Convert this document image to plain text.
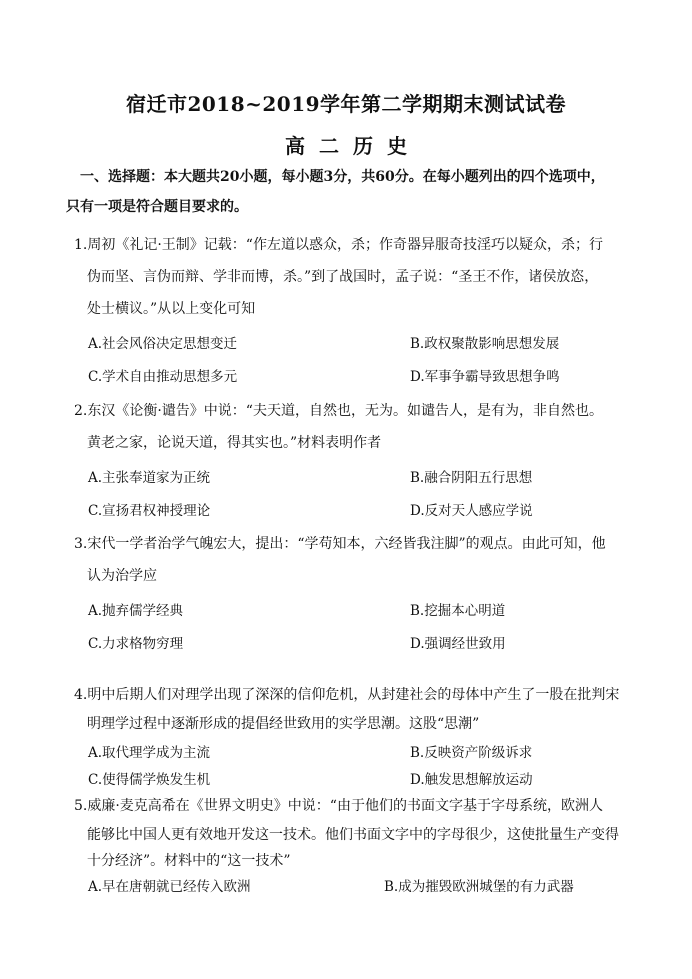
宿迁市2018~2019学年第二学期期末测试试卷
高二历史
一、选择题：本大题共20小题，每小题3分，共60分。在每小题列出的四个选项中，
只有一项是符合题目要求的。
1.周初《礼记·王制》记载：“作左道以惑众，杀；作奇器异服奇技淫巧以疑众，杀；行
伪而坚、言伪而辩、学非而博，杀。”到了战国时，孟子说：“圣王不作，诸侯放恣，
处士横议。”从以上变化可知
A.社会风俗决定思想变迁	B.政权聚散影响思想发展
C.学术自由推动思想多元	D.军事争霸导致思想争鸣
2.东汉《论衡·谴告》中说：“夫天道，自然也，无为。如谴告人，是有为，非自然也。
黄老之家，论说天道，得其实也。”材料表明作者
A.主张奉道家为正统	B.融合阴阳五行思想
C.宣扬君权神授理论	D.反对天人感应学说
3.宋代一学者治学气魄宏大，提出：“学苟知本，六经皆我注脚”的观点。由此可知，他
认为治学应
A.抛弃儒学经典	B.挖掘本心明道
C.力求格物穷理	D.强调经世致用
4.明中后期人们对理学出现了深深的信仰危机，从封建社会的母体中产生了一股在批判宋
明理学过程中逐渐形成的提倡经世致用的实学思潮。这股“思潮”
A.取代理学成为主流	B.反映资产阶级诉求
C.使得儒学焕发生机	D.触发思想解放运动
5.威廉·麦克高希在《世界文明史》中说：“由于他们的书面文字基于字母系统，欧洲人
能够比中国人更有效地开发这一技术。他们书面文字中的字母很少，这使批量生产变得
十分经济”。材料中的“这一技术”
A.早在唐朝就已经传入欧洲	B.成为摧毁欧洲城堡的有力武器
